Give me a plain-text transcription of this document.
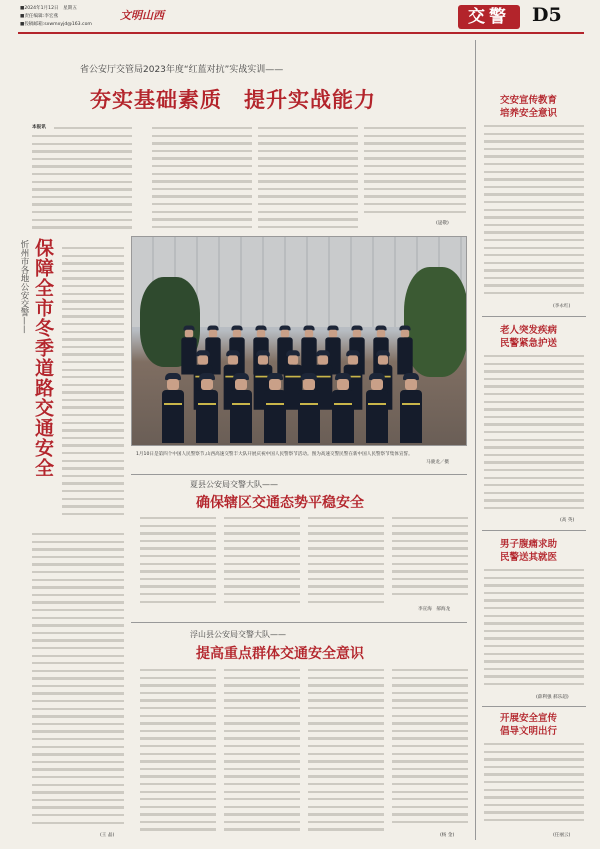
■2024年1月12日　星期五
■责任编辑:李宏燕
■投稿邮箱:sxwmxyjd@163.com
文明山西	交警	D5
省公安厅交管局2023年度“红蓝对抗”实战实训——
夯实基础素质　提升实战能力
本报讯
(逯敬)
忻州市各地公安交警—— 保障全市冬季道路交通安全
(王 晶)
1月10日是第四个中国人民警察节,山西高速交警丰大队开展庆祝中国人民警察节活动。图为高速交警民警在新中国人民警察节集体宣誓。
马骏龙／摄
夏县公安局交警大队——
确保辖区交通态势平稳安全
李宣海　郝海龙
浮山县公安局交警大队——
提高重点群体交通安全意识
(杨 金)
交安宣传教育
培养安全意识
(李永红)
老人突发疾病
民警紧急护送
(高 英)
男子腹痛求助
民警送其就医
(薛利强 郝乐超)
开展安全宣传
倡导文明出行
(任丽云)
